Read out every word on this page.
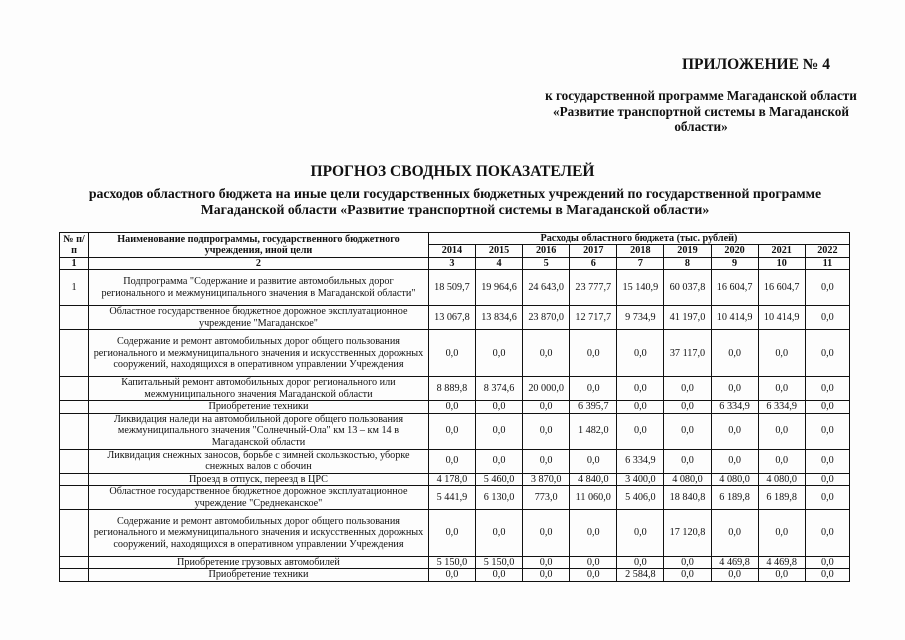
ПРИЛОЖЕНИЕ № 4
к государственной программе Магаданской области «Развитие транспортной системы в Магаданской области»
ПРОГНОЗ СВОДНЫХ ПОКАЗАТЕЛЕЙ
расходов областного бюджета на иные цели государственных бюджетных учреждений по государственной программе Магаданской области «Развитие транспортной системы в Магаданской области»
№ п/п	Наименование подпрограммы, государственного бюджетного учреждения, иной цели	Расходы областного бюджета (тыс. рублей)								
		2014	2015	2016	2017	2018	2019	2020	2021	2022
1	2	3	4	5	6	7	8	9	10	11
1	Подпрограмма "Содержание и развитие автомобильных дорог регионального и межмуниципального значения в Магаданской области"	18 509,7	19 964,6	24 643,0	23 777,7	15 140,9	60 037,8	16 604,7	16 604,7	0,0
	Областное государственное бюджетное дорожное эксплуатационное учреждение "Магаданское"	13 067,8	13 834,6	23 870,0	12 717,7	9 734,9	41 197,0	10 414,9	10 414,9	0,0
	Содержание и ремонт автомобильных дорог общего пользования регионального и межмуниципального значения и искусственных дорожных сооружений, находящихся в оперативном управлении Учреждения	0,0	0,0	0,0	0,0	0,0	37 117,0	0,0	0,0	0,0
	Капитальный ремонт автомобильных дорог регионального или межмуниципального значения Магаданской области	8 889,8	8 374,6	20 000,0	0,0	0,0	0,0	0,0	0,0	0,0
	Приобретение техники	0,0	0,0	0,0	6 395,7	0,0	0,0	6 334,9	6 334,9	0,0
	Ликвидация наледи на автомобильной дороге общего пользования межмуниципального значения "Солнечный-Ола" км 13 – км 14 в Магаданской области	0,0	0,0	0,0	1 482,0	0,0	0,0	0,0	0,0	0,0
	Ликвидация снежных заносов, борьбе с зимней скользкостью, уборке снежных валов с обочин	0,0	0,0	0,0	0,0	6 334,9	0,0	0,0	0,0	0,0
	Проезд в отпуск, переезд в ЦРС	4 178,0	5 460,0	3 870,0	4 840,0	3 400,0	4 080,0	4 080,0	4 080,0	0,0
	Областное государственное бюджетное дорожное эксплуатационное учреждение "Среднеканское"	5 441,9	6 130,0	773,0	11 060,0	5 406,0	18 840,8	6 189,8	6 189,8	0,0
	Содержание и ремонт автомобильных дорог общего пользования регионального и межмуниципального значения и искусственных дорожных сооружений, находящихся в оперативном управлении Учреждения	0,0	0,0	0,0	0,0	0,0	17 120,8	0,0	0,0	0,0
	Приобретение грузовых автомобилей	5 150,0	5 150,0	0,0	0,0	0,0	0,0	4 469,8	4 469,8	0,0
	Приобретение техники	0,0	0,0	0,0	0,0	2 584,8	0,0	0,0	0,0	0,0
